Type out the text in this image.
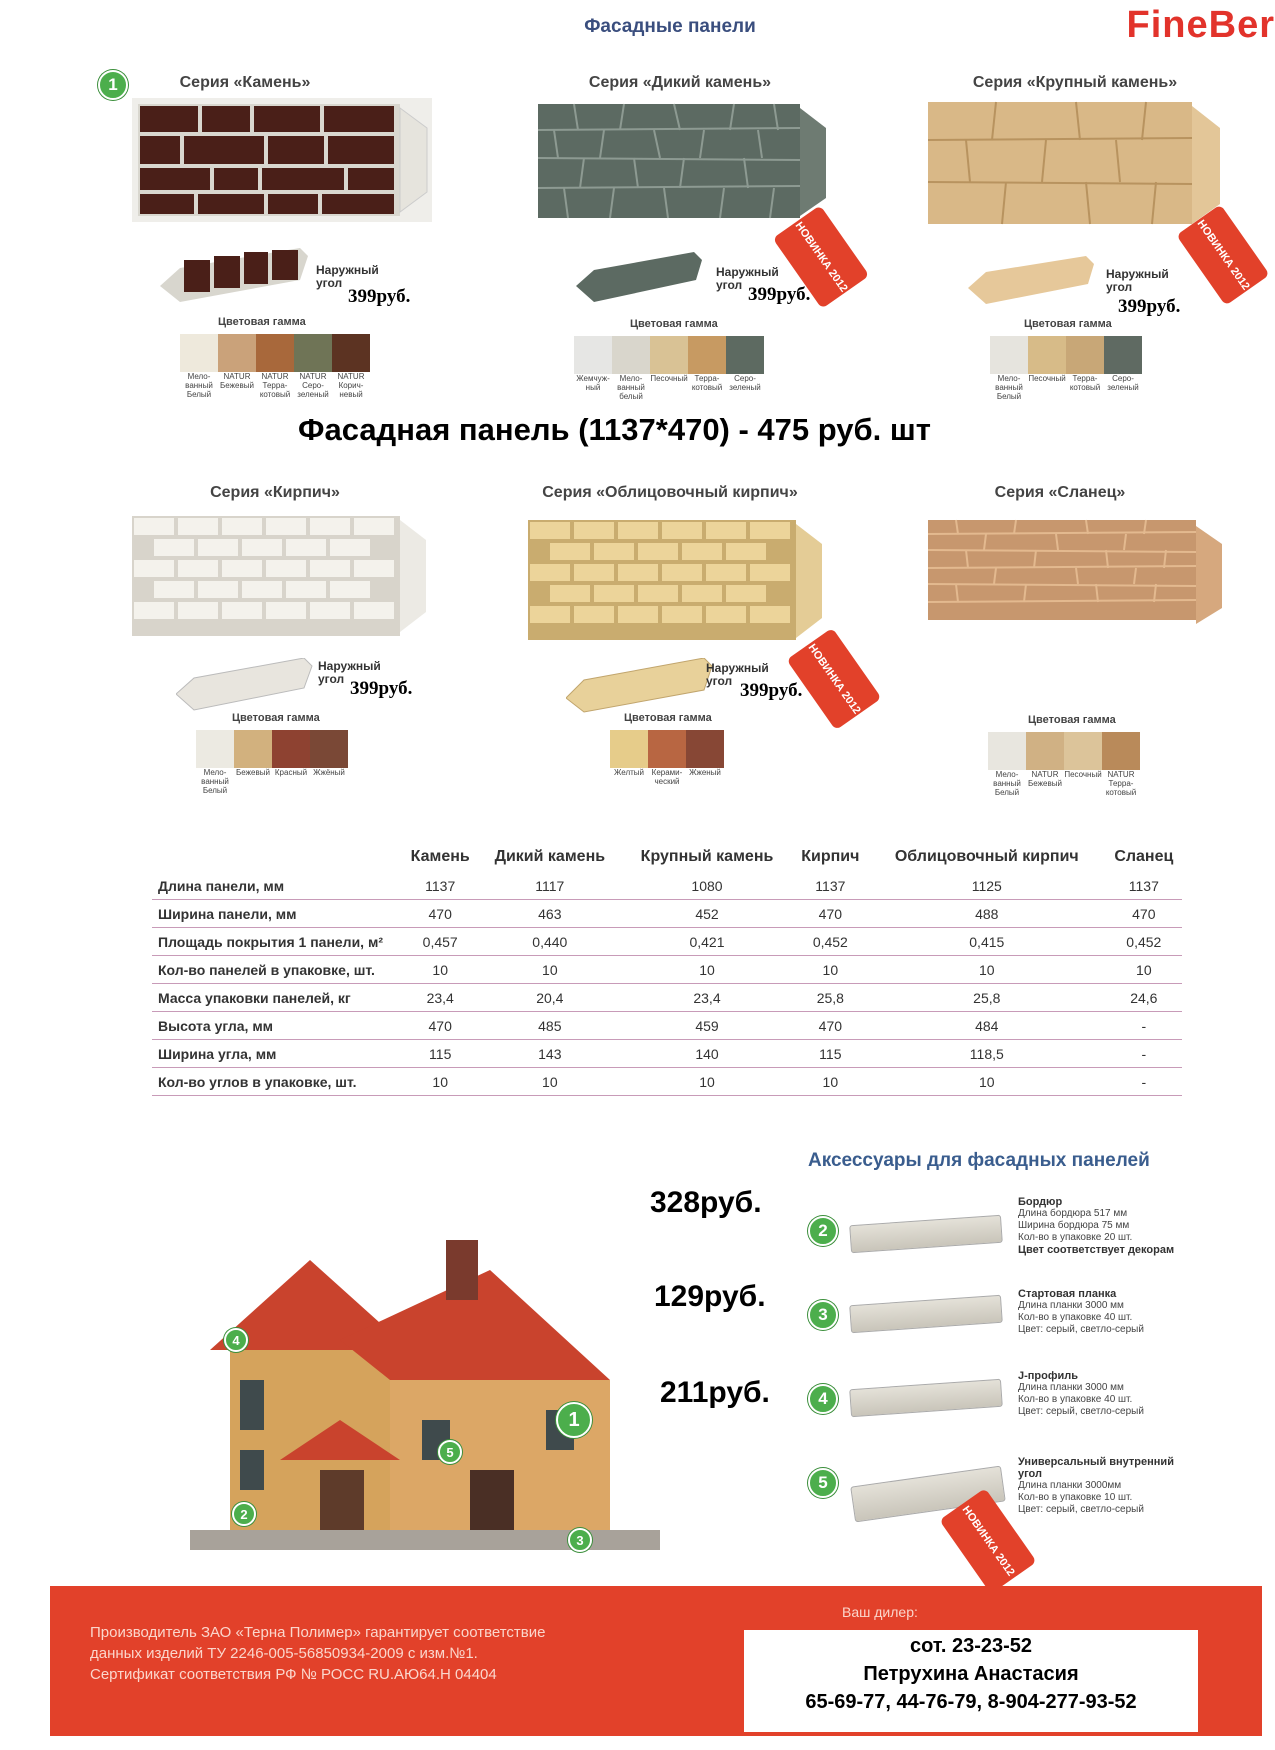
Фасадные панели	FineBer
1	Серия «Камень»
Наружный угол
399руб.
Цветовая гамма
Мело-ванный Белый
NATUR Бежевый
NATUR Терра-котовый
NATUR Серо-зеленый
NATUR Корич-невый
Серия «Дикий камень»
Наружный угол 399руб.
Цветовая гамма
Жемчуж-ный
Мело-ванный белый
Песочный Терра-котовый
Серо-зеленый
НОВИНКА 2012
Серия «Крупный камень»
Наружный угол
399руб.
Цветовая гамма
Мело-ванный Белый
Песочный Терра-котовый
Серо-зеленый
НОВИНКА 2012
Фасадная панель (1137*470) - 475 руб. шт
Серия «Кирпич»
Наружный угол 399руб.
Цветовая гамма
Мело-ванный Белый
Бежевый Красный Жжёный
Серия «Облицовочный кирпич»
Наружный угол 399руб.
Цветовая гамма
НОВИНКА 2012
Желтый Керами-ческий
Жженый
Серия «Сланец»
Цветовая гамма
Мело-ванный Белый
NATUR Бежевый
Песочный NATUR Терра-котовый
	Камень	Дикий камень	Крупный камень	Кирпич	Облицовочный кирпич	Сланец
Длина панели, мм	1137	1117	1080	1137	1125	1137
Ширина панели, мм	470	463	452	470	488	470
Площадь покрытия 1 панели, м²	0,457	0,440	0,421	0,452	0,415	0,452
Кол-во панелей в упаковке, шт.	10	10	10	10	10	10
Масса упаковки панелей, кг	23,4	20,4	23,4	25,8	25,8	24,6
Высота угла, мм	470	485	459	470	484	-
Ширина угла, мм	115	143	140	115	118,5	-
Кол-во углов в упаковке, шт.	10	10	10	10	10	-
4
1
5
2
3
Аксессуары для фасадных панелей
328руб.
2
Бордюр
Длина бордюра 517 мм
Ширина бордюра 75 мм
Кол-во в упаковке 20 шт.
Цвет соответствует декорам
129руб.
3
Стартовая планка
Длина планки 3000 мм
Кол-во в упаковке 40 шт.
Цвет: серый, светло-серый
211руб.	4
J-профиль
Длина планки 3000 мм
Кол-во в упаковке 40 шт.
Цвет: серый, светло-серый
5
Универсальный внутренний угол
Длина планки 3000мм
Кол-во в упаковке 10 шт.
Цвет: серый, светло-серый
НОВИНКА 2012
Производитель ЗАО «Терна Полимер» гарантирует соответствие
данных изделий ТУ 2246-005-56850934-2009 с изм.№1.
Сертификат соответствия РФ № РОСС RU.АЮ64.Н 04404
Ваш дилер:
сот. 23-23-52
Петрухина Анастасия
65-69-77, 44-76-79, 8-904-277-93-52
